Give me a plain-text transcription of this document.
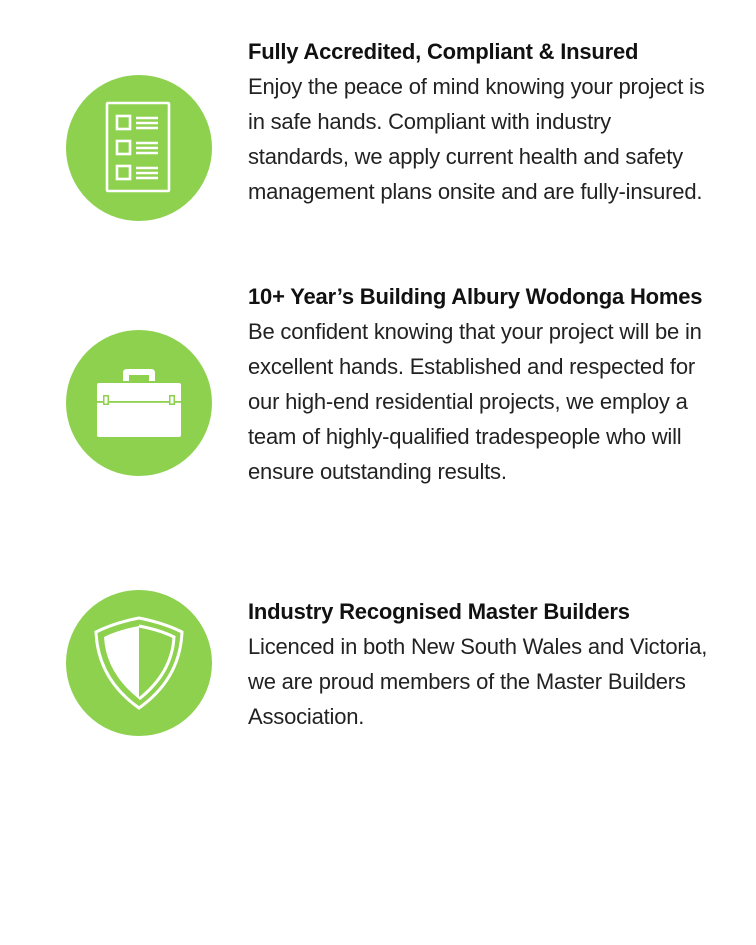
Fully Accredited, Compliant & Insured
Enjoy the peace of mind knowing your project is in safe hands. Compliant with industry standards, we apply current health and safety management plans onsite and are fully-insured.
10+ Year’s Building Albury Wodonga Homes
Be confident knowing that your project will be in excellent hands. Established and respected for our high-end residential projects, we employ a team of highly-qualified tradespeople who will ensure outstanding results.
Industry Recognised Master Builders
Licenced in both New South Wales and Victoria, we are proud members of the Master Builders Association.
